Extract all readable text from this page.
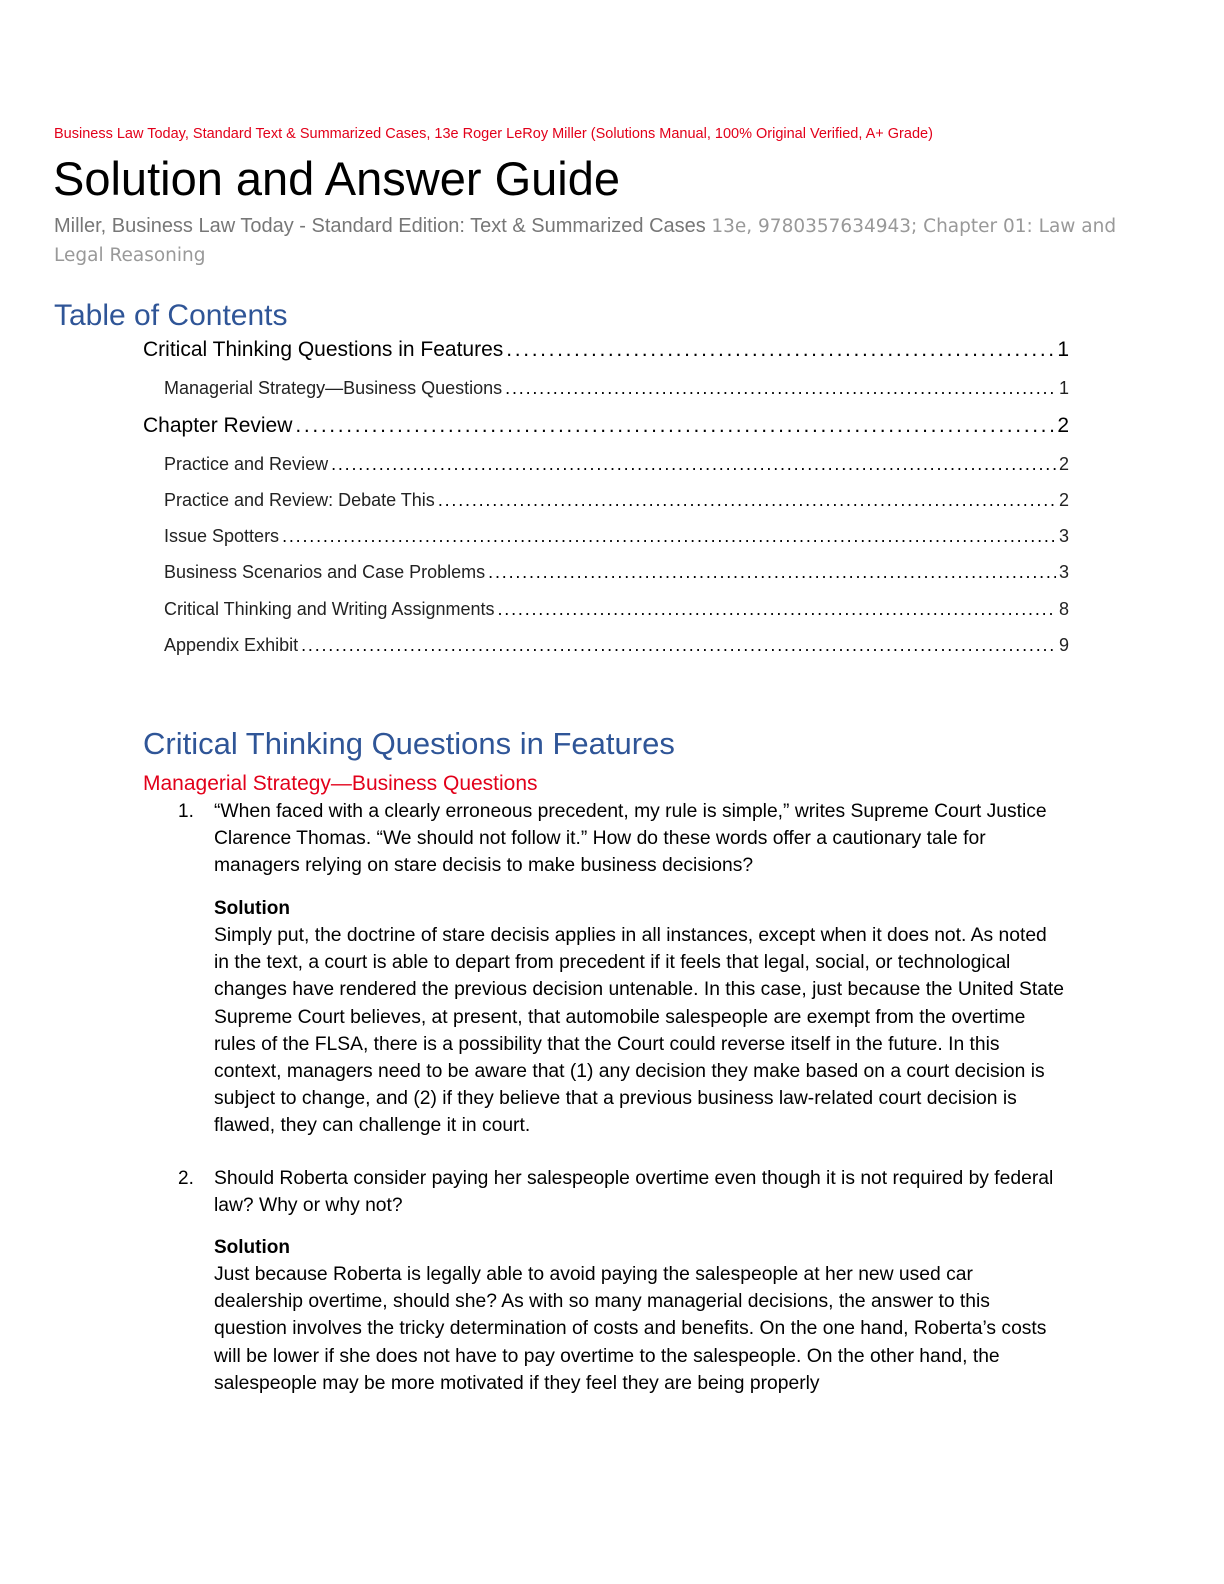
Business Law Today, Standard Text & Summarized Cases, 13e Roger LeRoy Miller (Solutions Manual, 100% Original Verified, A+ Grade)
Solution and Answer Guide
Miller, Business Law Today - Standard Edition: Text & Summarized Cases 13e, 9780357634943; Chapter 01: Law and Legal Reasoning
Table of Contents
Critical Thinking Questions in Features . . .	1
Managerial Strategy—Business Questions . . .	1
Chapter Review . . .	2
Practice and Review . . .	2
Practice and Review: Debate This . . .	2
Issue Spotters . . .	3
Business Scenarios and Case Problems . . .	3
Critical Thinking and Writing Assignments . . .	8
Appendix Exhibit . . .	9
Critical Thinking Questions in Features
Managerial Strategy—Business Questions
1. “When faced with a clearly erroneous precedent, my rule is simple,” writes Supreme Court Justice Clarence Thomas. “We should not follow it.” How do these words offer a cautionary tale for managers relying on stare decisis to make business decisions?
Solution
Simply put, the doctrine of stare decisis applies in all instances, except when it does not. As noted in the text, a court is able to depart from precedent if it feels that legal, social, or technological changes have rendered the previous decision untenable. In this case, just because the United State Supreme Court believes, at present, that automobile salespeople are exempt from the overtime rules of the FLSA, there is a possibility that the Court could reverse itself in the future. In this context, managers need to be aware that (1) any decision they make based on a court decision is subject to change, and (2) if they believe that a previous business law-related court decision is flawed, they can challenge it in court.
2. Should Roberta consider paying her salespeople overtime even though it is not required by federal law? Why or why not?
Solution
Just because Roberta is legally able to avoid paying the salespeople at her new used car dealership overtime, should she? As with so many managerial decisions, the answer to this question involves the tricky determination of costs and benefits. On the one hand, Roberta’s costs will be lower if she does not have to pay overtime to the salespeople. On the other hand, the salespeople may be more motivated if they feel they are being properly
